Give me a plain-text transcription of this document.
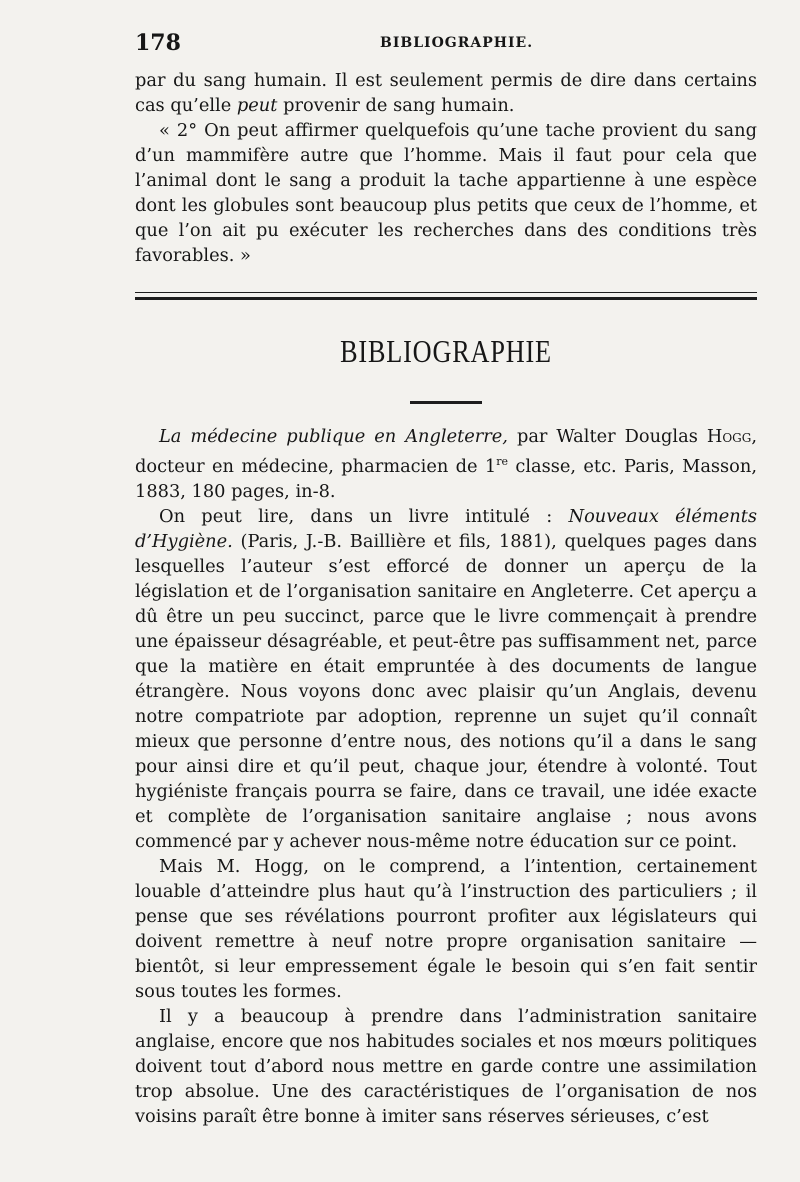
178	BIBLIOGRAPHIE.

par du sang humain. Il est seulement permis de dire dans certains cas qu’elle peut provenir de sang humain.

« 2° On peut affirmer quelquefois qu’une tache provient du sang d’un mammifère autre que l’homme. Mais il faut pour cela que l’animal dont le sang a produit la tache appartienne à une espèce dont les globules sont beaucoup plus petits que ceux de l’homme, et que l’on ait pu exécuter les recherches dans des conditions très favorables. »

BIBLIOGRAPHIE

La médecine publique en Angleterre, par Walter Douglas Hogg, docteur en médecine, pharmacien de 1re classe, etc. Paris, Masson, 1883, 180 pages, in-8.

On peut lire, dans un livre intitulé : Nouveaux éléments d’Hygiène. (Paris, J.-B. Baillière et fils, 1881), quelques pages dans lesquelles l’auteur s’est efforcé de donner un aperçu de la législation et de l’organisation sanitaire en Angleterre. Cet aperçu a dû être un peu succinct, parce que le livre commençait à prendre une épaisseur désagréable, et peut-être pas suffisamment net, parce que la matière en était empruntée à des documents de langue étrangère. Nous voyons donc avec plaisir qu’un Anglais, devenu notre compatriote par adoption, reprenne un sujet qu’il connaît mieux que personne d’entre nous, des notions qu’il a dans le sang pour ainsi dire et qu’il peut, chaque jour, étendre à volonté. Tout hygiéniste français pourra se faire, dans ce travail, une idée exacte et complète de l’organisation sanitaire anglaise ; nous avons commencé par y achever nous-même notre éducation sur ce point.

Mais M. Hogg, on le comprend, a l’intention, certainement louable d’atteindre plus haut qu’à l’instruction des particuliers ; il pense que ses révélations pourront profiter aux législateurs qui doivent remettre à neuf notre propre organisation sanitaire — bientôt, si leur empressement égale le besoin qui s’en fait sentir sous toutes les formes.

Il y a beaucoup à prendre dans l’administration sanitaire anglaise, encore que nos habitudes sociales et nos mœurs politiques doivent tout d’abord nous mettre en garde contre une assimilation trop absolue. Une des caractéristiques de l’organisation de nos voisins paraît être bonne à imiter sans réserves sérieuses, c’est
